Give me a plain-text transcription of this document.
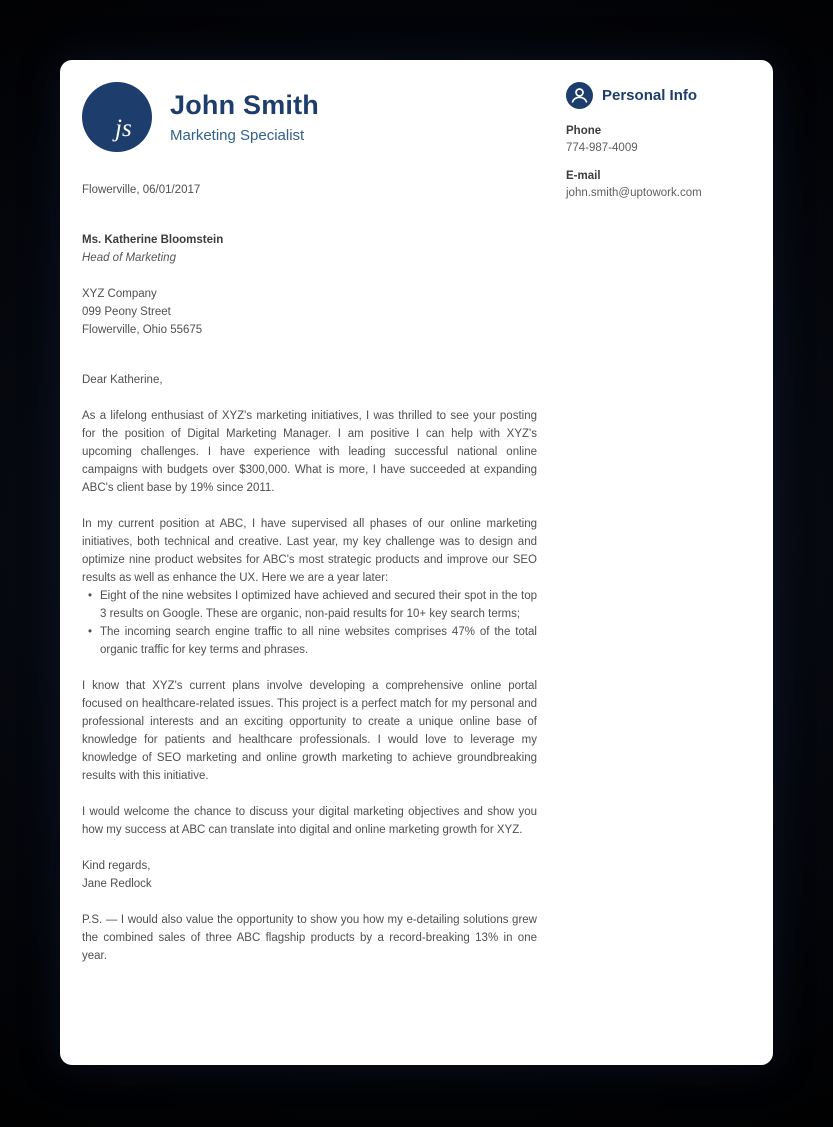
js
John Smith
Marketing Specialist
Flowerville, 06/01/2017
Ms. Katherine Bloomstein
Head of Marketing
XYZ Company
099 Peony Street
Flowerville, Ohio 55675
Dear Katherine,

As a lifelong enthusiast of XYZ's marketing initiatives, I was thrilled to see your posting for the position of Digital Marketing Manager. I am positive I can help with XYZ's upcoming challenges. I have experience with leading successful national online campaigns with budgets over $300,000. What is more, I have succeeded at expanding ABC's client base by 19% since 2011.

In my current position at ABC, I have supervised all phases of our online marketing initiatives, both technical and creative. Last year, my key challenge was to design and optimize nine product websites for ABC's most strategic products and improve our SEO results as well as enhance the UX. Here we are a year later:

• Eight of the nine websites I optimized have achieved and secured their spot in the top 3 results on Google. These are organic, non-paid results for 10+ key search terms;
• The incoming search engine traffic to all nine websites comprises 47% of the total organic traffic for key terms and phrases.

I know that XYZ's current plans involve developing a comprehensive online portal focused on healthcare-related issues. This project is a perfect match for my personal and professional interests and an exciting opportunity to create a unique online base of knowledge for patients and healthcare professionals. I would love to leverage my knowledge of SEO marketing and online growth marketing to achieve groundbreaking results with this initiative.

I would welcome the chance to discuss your digital marketing objectives and show you how my success at ABC can translate into digital and online marketing growth for XYZ.

Kind regards,
Jane Redlock

P.S. — I would also value the opportunity to show you how my e-detailing solutions grew the combined sales of three ABC flagship products by a record-breaking 13% in one year.

Personal Info
Phone
774-987-4009
E-mail
john.smith@uptowork.com
